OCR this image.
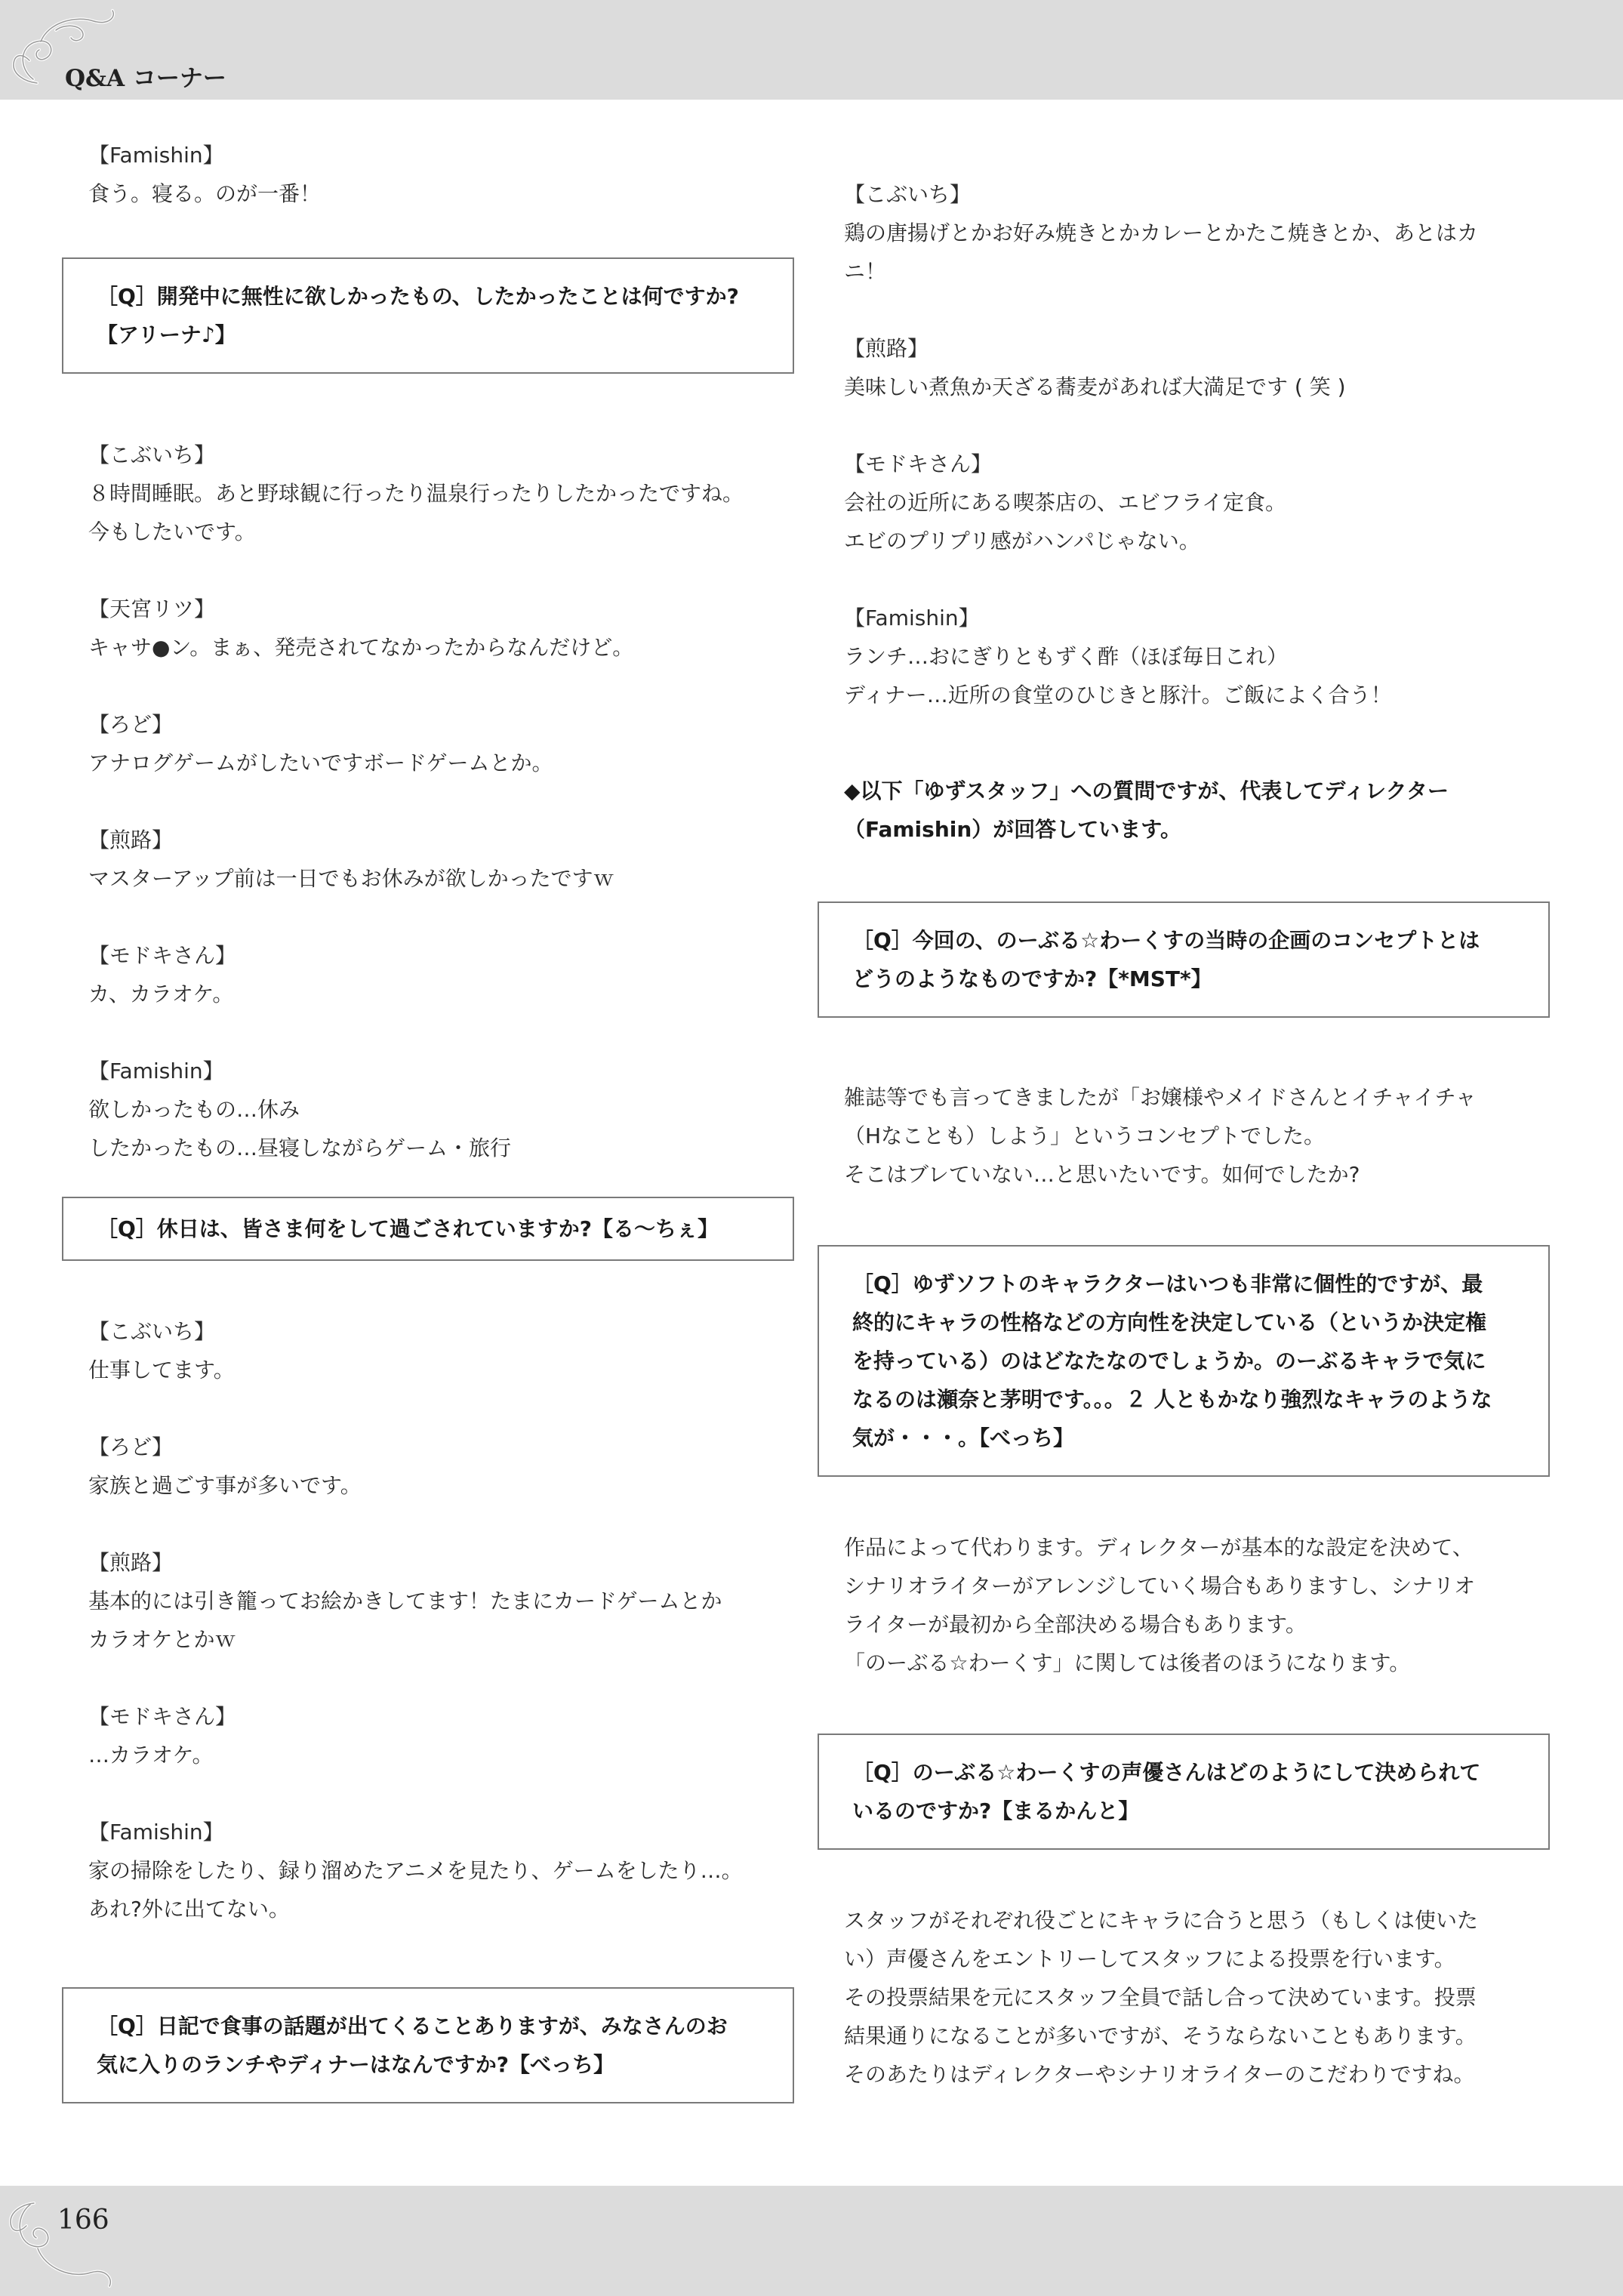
Q&A コーナー
166
【Famishin】
食う。寝る。のが一番！
［Q］開発中に無性に欲しかったもの、したかったことは何ですか?
【アリーナ♪】
【こぶいち】
８時間睡眠。あと野球観に行ったり温泉行ったりしたかったですね。
今もしたいです。
【天宮リツ】
キャサ●ン。まぁ、発売されてなかったからなんだけど。
【ろど】
アナログゲームがしたいですボードゲームとか。
【煎路】
マスターアップ前は一日でもお休みが欲しかったですｗ
【モドキさん】
カ、カラオケ。
【Famishin】
欲しかったもの…休み
したかったもの…昼寝しながらゲーム・旅行
［Q］休日は、皆さま何をして過ごされていますか?【る～ちぇ】
【こぶいち】
仕事してます。
【ろど】
家族と過ごす事が多いです。
【煎路】
基本的には引き籠ってお絵かきしてます！たまにカードゲームとか
カラオケとかｗ
【モドキさん】
…カラオケ。
【Famishin】
家の掃除をしたり、録り溜めたアニメを見たり、ゲームをしたり…。
あれ?外に出てない。
［Q］日記で食事の話題が出てくることありますが、みなさんのお
気に入りのランチやディナーはなんですか?【べっち】
【こぶいち】
鶏の唐揚げとかお好み焼きとかカレーとかたこ焼きとか、あとはカ
ニ！
【煎路】
美味しい煮魚か天ざる蕎麦があれば大満足です ( 笑 )
【モドキさん】
会社の近所にある喫茶店の、エビフライ定食。
エビのプリプリ感がハンパじゃない。
【Famishin】
ランチ…おにぎりともずく酢（ほぼ毎日これ）
ディナー…近所の食堂のひじきと豚汁。ご飯によく合う！
◆以下「ゆずスタッフ」への質問ですが、代表してディレクター
（Famishin）が回答しています。
［Q］今回の、のーぶる☆わーくすの当時の企画のコンセプトとは
どうのようなものですか?【*MST*】
雑誌等でも言ってきましたが「お嬢様やメイドさんとイチャイチャ
（Hなことも）しよう」というコンセプトでした。
そこはブレていない…と思いたいです。如何でしたか?
［Q］ゆずソフトのキャラクターはいつも非常に個性的ですが、最
終的にキャラの性格などの方向性を決定している（というか決定権
を持っている）のはどなたなのでしょうか。のーぶるキャラで気に
なるのは瀬奈と茅明です。。。２ 人ともかなり強烈なキャラのような
気が・・・。【べっち】
作品によって代わります。ディレクターが基本的な設定を決めて、
シナリオライターがアレンジしていく場合もありますし、シナリオ
ライターが最初から全部決める場合もあります。
「のーぶる☆わーくす」に関しては後者のほうになります。
［Q］のーぶる☆わーくすの声優さんはどのようにして決められて
いるのですか?【まるかんと】
スタッフがそれぞれ役ごとにキャラに合うと思う（もしくは使いた
い）声優さんをエントリーしてスタッフによる投票を行います。
その投票結果を元にスタッフ全員で話し合って決めています。投票
結果通りになることが多いですが、そうならないこともあります。
そのあたりはディレクターやシナリオライターのこだわりですね。
